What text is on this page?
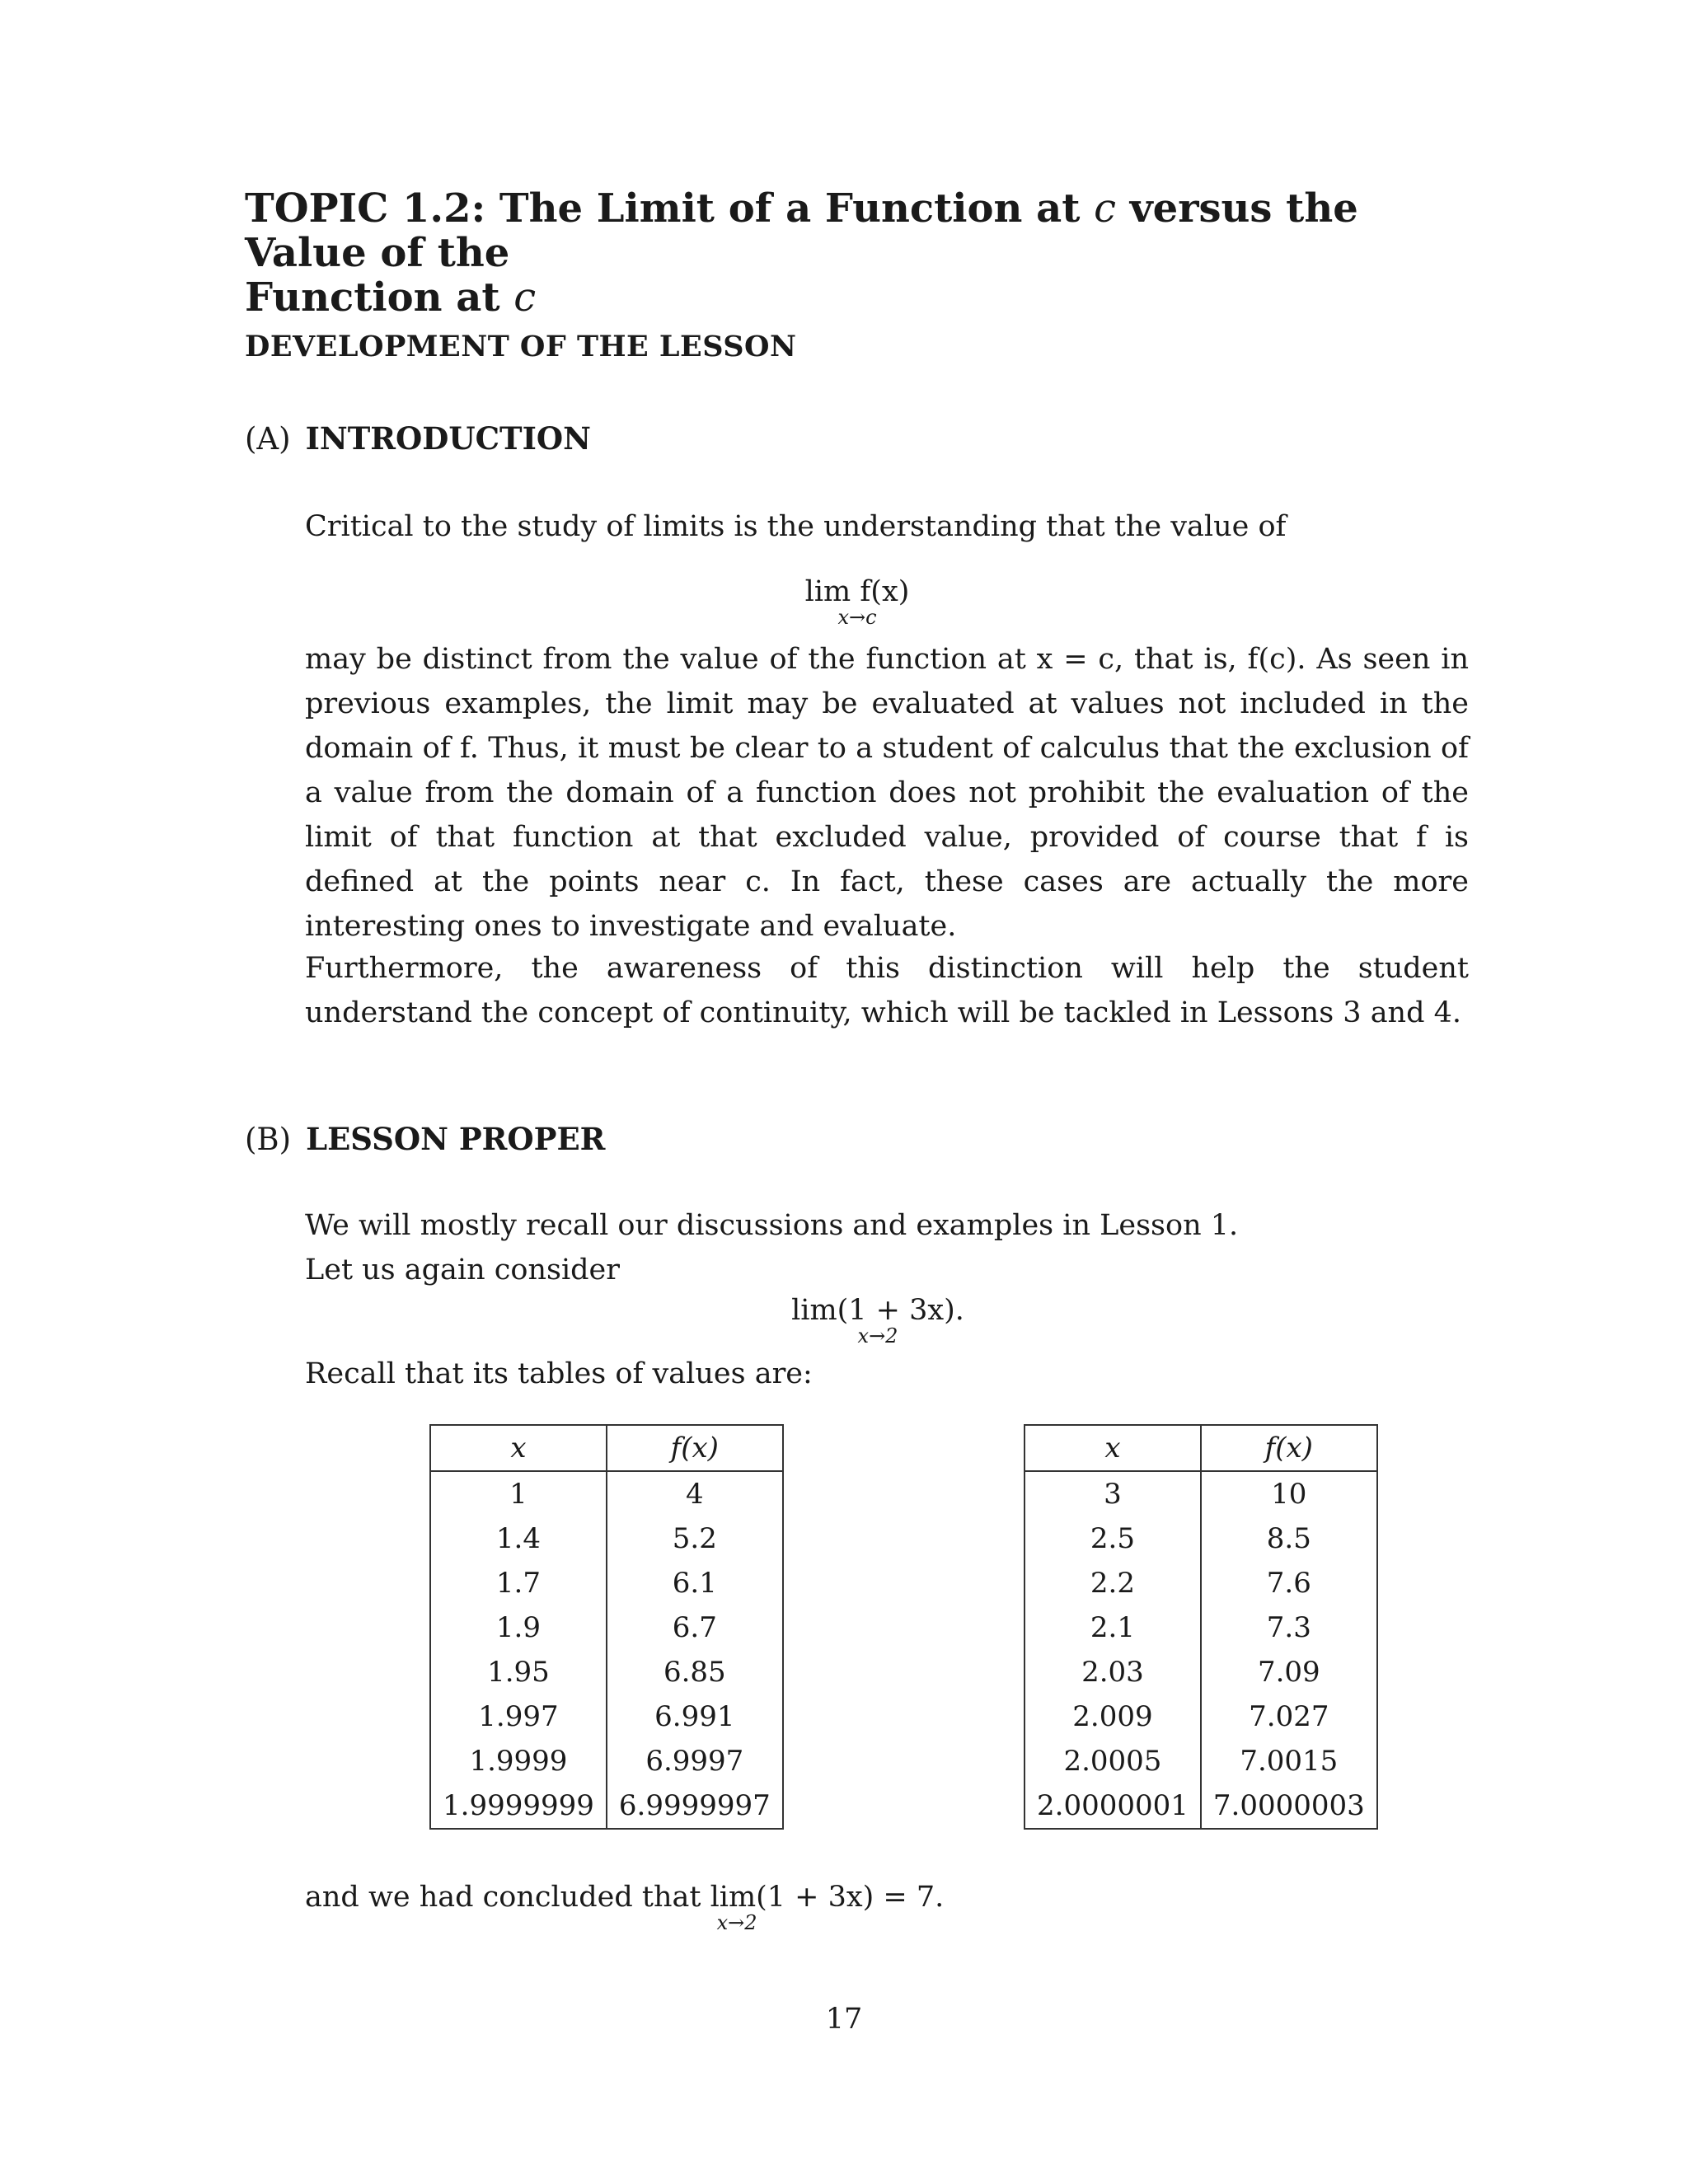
TOPIC 1.2: The Limit of a Function at c versus the Value of the
Function at c
DEVELOPMENT OF THE LESSON
(A) INTRODUCTION
Critical to the study of limits is the understanding that the value of
lim f(x)
x→c
may be distinct from the value of the function at x = c, that is, f(c). As seen in previous examples, the limit may be evaluated at values not included in the domain of f. Thus, it must be clear to a student of calculus that the exclusion of a value from the domain of a function does not prohibit the evaluation of the limit of that function at that excluded value, provided of course that f is defined at the points near c. In fact, these cases are actually the more interesting ones to investigate and evaluate.
Furthermore, the awareness of this distinction will help the student understand the concept of continuity, which will be tackled in Lessons 3 and 4.
(B) LESSON PROPER
We will mostly recall our discussions and examples in Lesson 1.
Let us again consider
lim(1 + 3x).
x→2
Recall that its tables of values are:
x	f(x)
1	4
1.4	5.2
1.7	6.1
1.9	6.7
1.95	6.85
1.997	6.991
1.9999	6.9997
1.9999999	6.9999997
x	f(x)
3	10
2.5	8.5
2.2	7.6
2.1	7.3
2.03	7.09
2.009	7.027
2.0005	7.0015
2.0000001	7.0000003
and we had concluded that lim(1 + 3x) = 7.
x→2
17
